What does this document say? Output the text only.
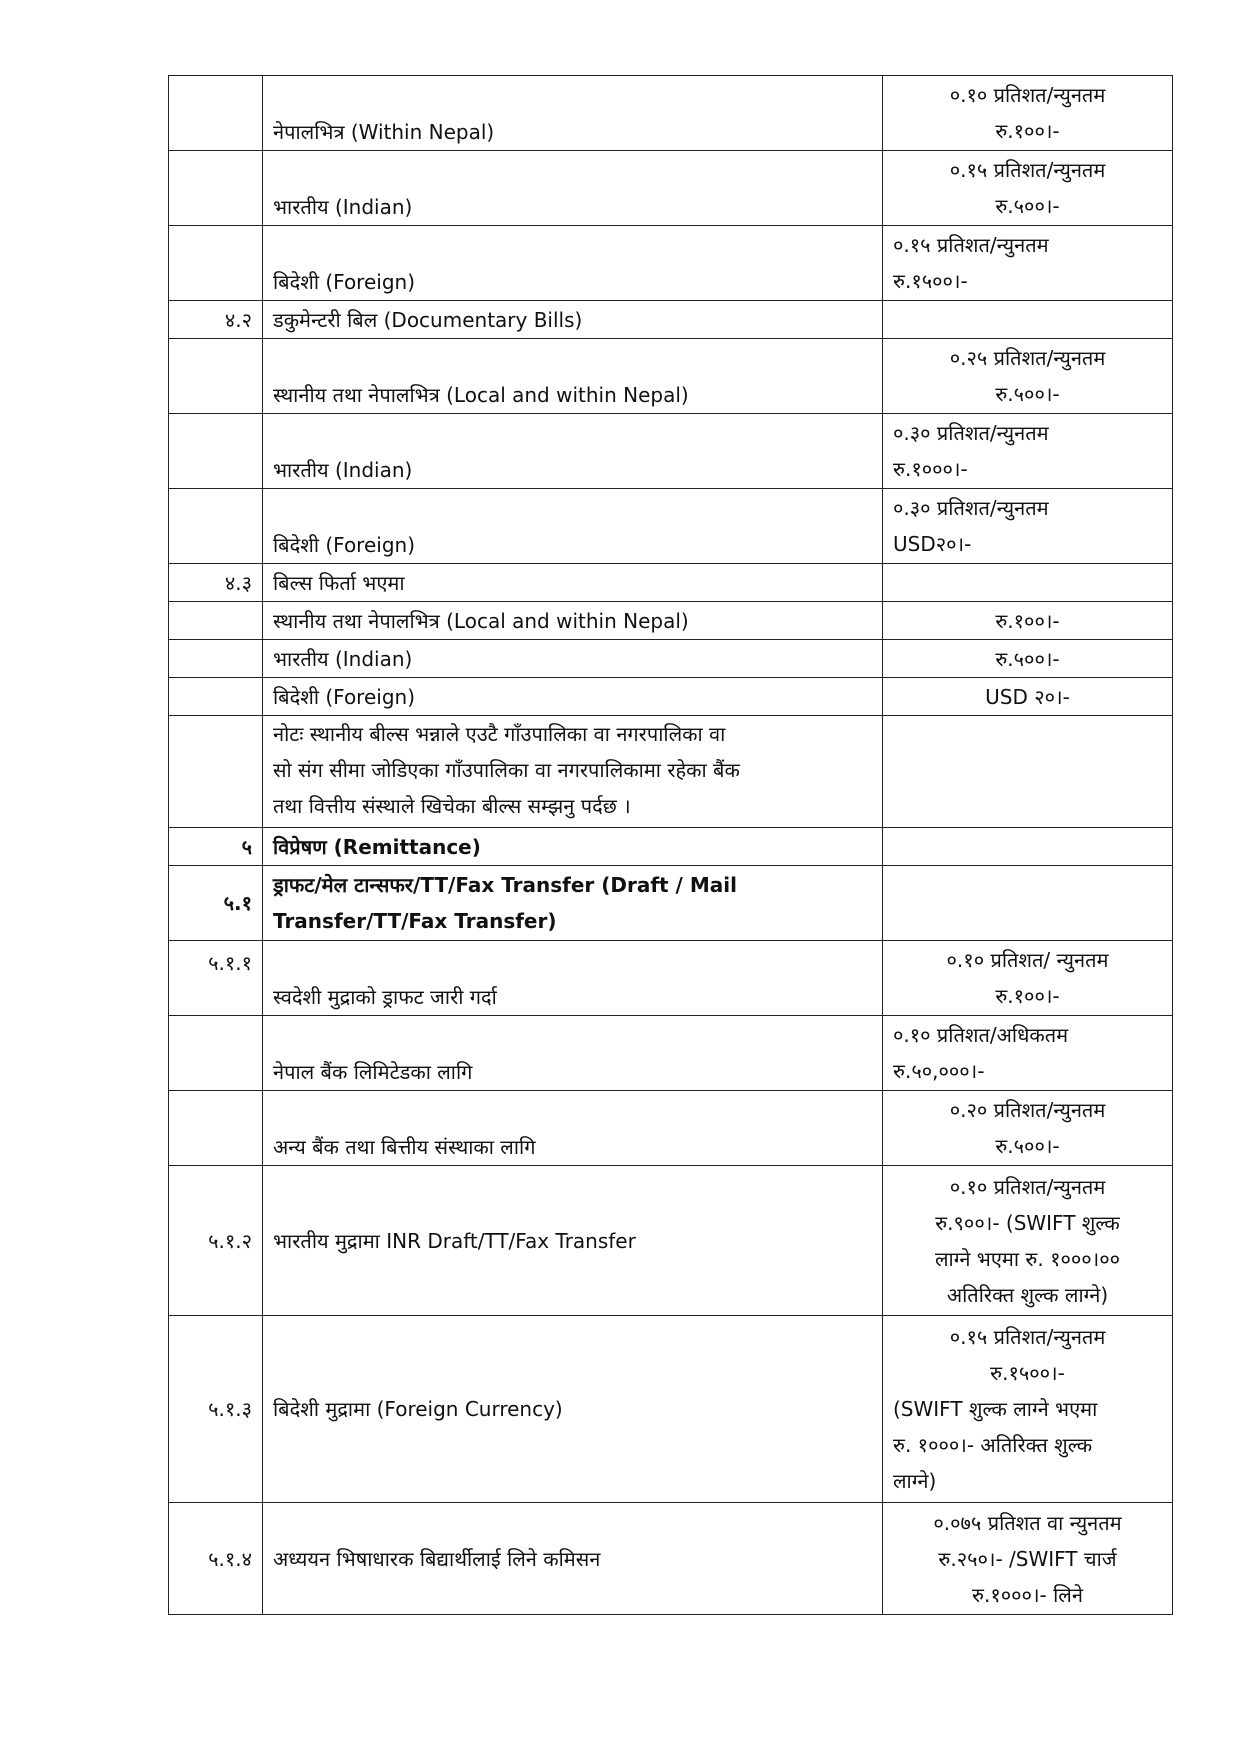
	नेपालभित्र (Within Nepal)	०.१० प्रतिशत/न्युनतम
रु.१००।-

	भारतीय (Indian)	०.१५ प्रतिशत/न्युनतम
रु.५००।-

	बिदेशी (Foreign)	०.१५ प्रतिशत/न्युनतम
रु.१५००।-

४.२	डकुमेन्टरी बिल (Documentary Bills)	
	स्थानीय तथा नेपालभित्र (Local and within Nepal)	०.२५ प्रतिशत/न्युनतम
रु.५००।-

	भारतीय (Indian)	०.३० प्रतिशत/न्युनतम
रु.१०००।-

	बिदेशी (Foreign)	०.३० प्रतिशत/न्युनतम
USD२०।-

४.३	बिल्स फिर्ता भएमा	
	स्थानीय तथा नेपालभित्र (Local and within Nepal)	रु.१००।-

	भारतीय (Indian)	रु.५००।-

	बिदेशी (Foreign)	USD २०।-

	नोटः स्थानीय बील्स भन्नाले एउटै गाँउपालिका वा नगरपालिका वा
सो संग सीमा जोडिएका गाँउपालिका वा नगरपालिकामा रहेका बैंक
तथा वित्तीय संस्थाले खिचेका बील्स सम्झनु पर्दछ ।	

५	विप्रेषण (Remittance)	
५.१	ड्राफट/मेल टान्सफर/TT/Fax Transfer (Draft / Mail
Transfer/TT/Fax Transfer)	

५.१.१	स्वदेशी मुद्राको ड्राफट जारी गर्दा	०.१० प्रतिशत/ न्युनतम
रु.१००।-

	नेपाल बैंक लिमिटेडका लागि	०.१० प्रतिशत/अधिकतम
रु.५०,०००।-

	अन्य बैंक तथा बित्तीय संस्थाका लागि	०.२० प्रतिशत/न्युनतम
रु.५००।-

५.१.२	भारतीय मुद्रामा INR Draft/TT/Fax Transfer	०.१० प्रतिशत/न्युनतम
रु.९००।- (SWIFT शुल्क
लाग्ने भएमा रु. १०००।००
अतिरिक्त शुल्क लाग्ने)

५.१.३	बिदेशी मुद्रामा (Foreign Currency)	०.१५ प्रतिशत/न्युनतम
रु.१५००।-
(SWIFT शुल्क लाग्ने भएमा
रु. १०००।- अतिरिक्त शुल्क
लाग्ने)

५.१.४	अध्ययन भिषाधारक बिद्यार्थीलाई लिने कमिसन	०.०७५ प्रतिशत वा न्युनतम
रु.२५०।- /SWIFT चार्ज
रु.१०००।- लिने
